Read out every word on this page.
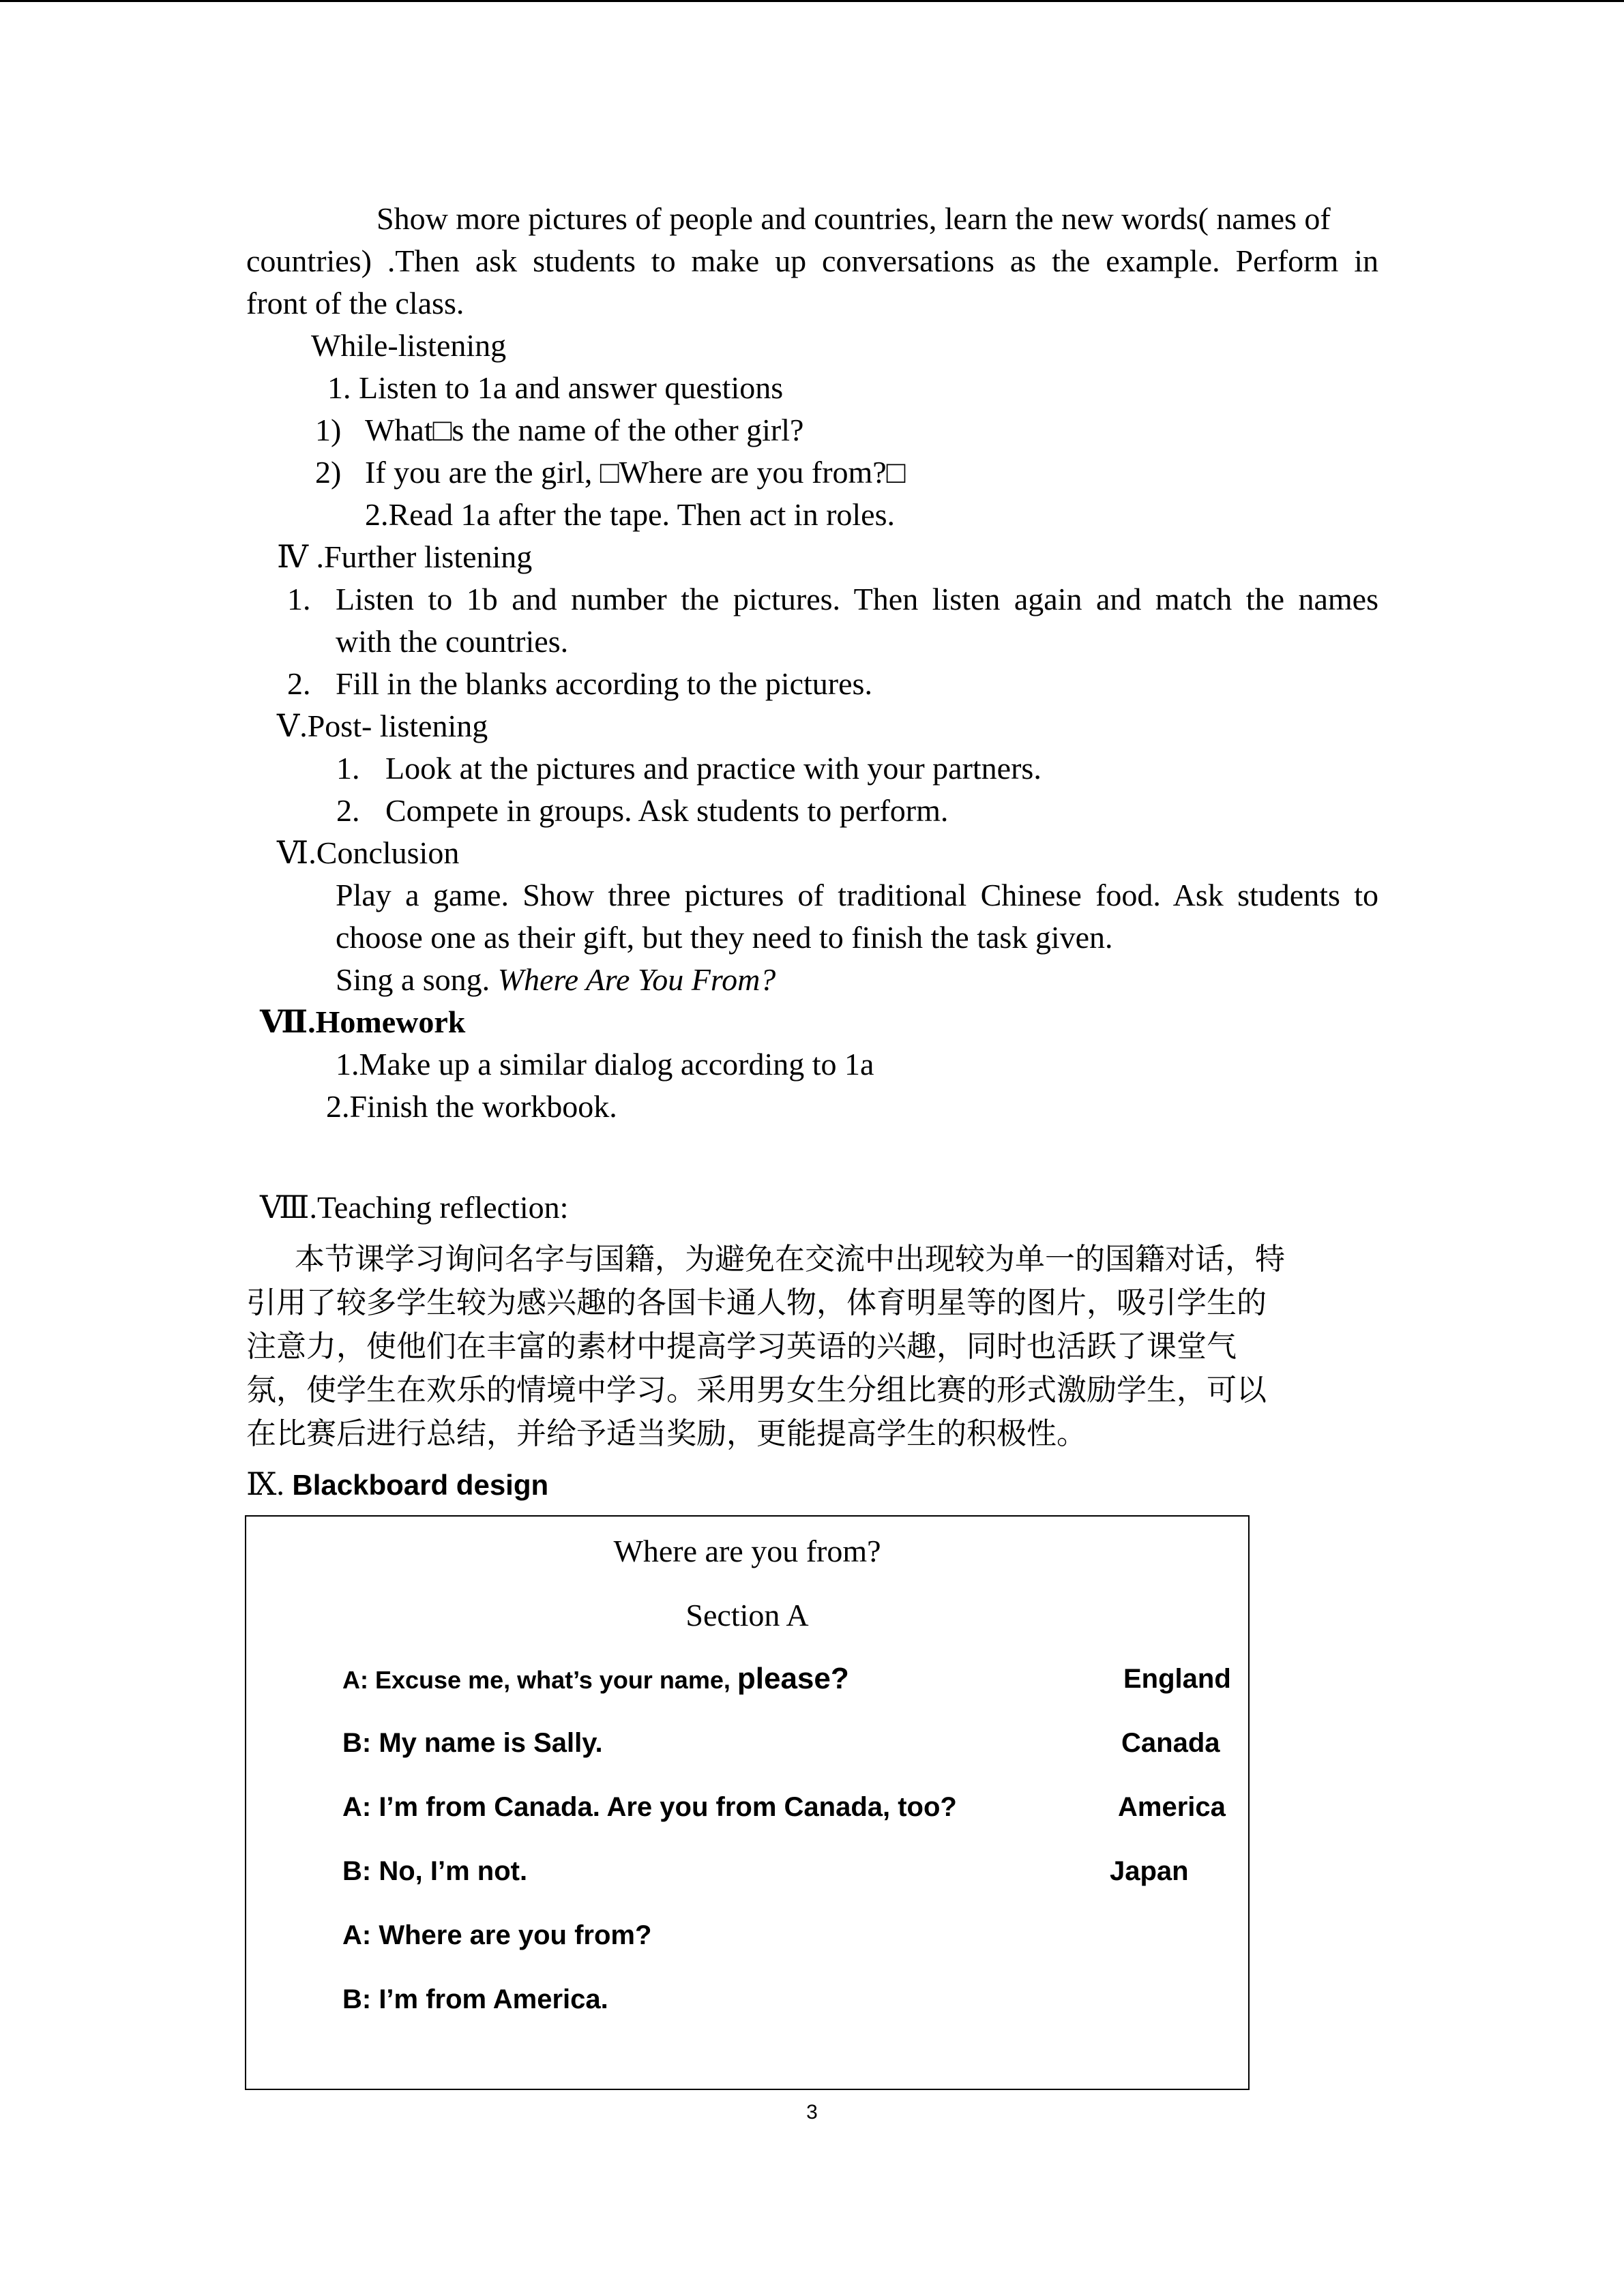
Show more pictures of people and countries, learn the new words( names of
countries) .Then ask students to make up conversations as the example. Perform in
front of the class.
While-listening
1. Listen to 1a and answer questions
1) What□s the name of the other girl?
2) If you are the girl, □Where are you from?□
2.Read 1a after the tape. Then act in roles.
Ⅳ .Further listening
1. Listen to 1b and number the pictures. Then listen again and match the names
with the countries.
2. Fill in the blanks according to the pictures.
Ⅴ.Post- listening
1. Look at the pictures and practice with your partners.
2. Compete in groups. Ask students to perform.
Ⅵ.Conclusion
Play a game. Show three pictures of traditional Chinese food. Ask students to
choose one as their gift, but they need to finish the task given.
Sing a song. Where Are You From?
Ⅶ.Homework
1.Make up a similar dialog according to 1a
2.Finish the workbook.
Ⅷ.Teaching reflection:
本节课学习询问名字与国籍，为避免在交流中出现较为单一的国籍对话，特
引用了较多学生较为感兴趣的各国卡通人物，体育明星等的图片，吸引学生的
注意力，使他们在丰富的素材中提高学习英语的兴趣，同时也活跃了课堂气
氛，使学生在欢乐的情境中学习。采用男女生分组比赛的形式激励学生，可以
在比赛后进行总结，并给予适当奖励，更能提高学生的积极性。
Ⅸ. Blackboard design
Where are you from?
Section A
A: Excuse me, what’s your name, please?
B: My name is Sally.
A: I’m from Canada. Are you from Canada, too?
B: No, I’m not.
A: Where are you from?
B: I’m from America.
England
Canada
America
Japan
3
